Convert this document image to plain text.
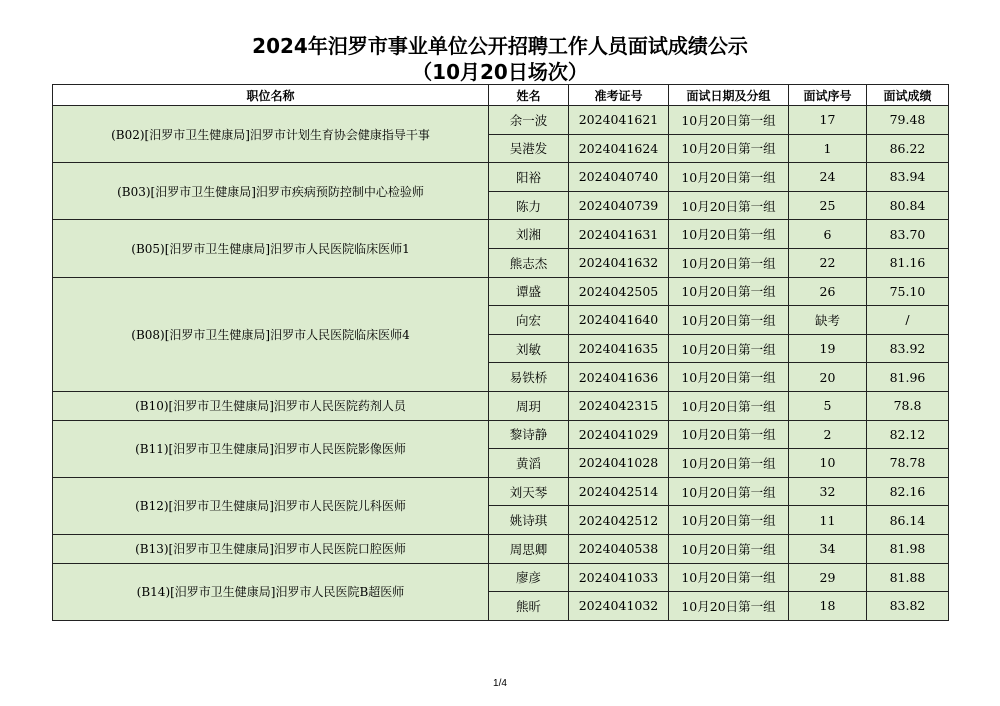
2024年汨罗市事业单位公开招聘工作人员面试成绩公示
（10月20日场次）
职位名称	姓名	准考证号	面试日期及分组	面试序号	面试成绩
(B02)[汨罗市卫生健康局]汨罗市计划生育协会健康指导干事	余一波	2024041621	10月20日第一组	17	79.48
	吴港发	2024041624	10月20日第一组	1	86.22
(B03)[汨罗市卫生健康局]汨罗市疾病预防控制中心检验师	阳裕	2024040740	10月20日第一组	24	83.94
	陈力	2024040739	10月20日第一组	25	80.84
(B05)[汨罗市卫生健康局]汨罗市人民医院临床医师1	刘湘	2024041631	10月20日第一组	6	83.70
	熊志杰	2024041632	10月20日第一组	22	81.16
(B08)[汨罗市卫生健康局]汨罗市人民医院临床医师4	谭盛	2024042505	10月20日第一组	26	75.10
	向宏	2024041640	10月20日第一组	缺考	/
	刘敏	2024041635	10月20日第一组	19	83.92
	易铁桥	2024041636	10月20日第一组	20	81.96
(B10)[汨罗市卫生健康局]汨罗市人民医院药剂人员	周玥	2024042315	10月20日第一组	5	78.8
(B11)[汨罗市卫生健康局]汨罗市人民医院影像医师	黎诗静	2024041029	10月20日第一组	2	82.12
	黄滔	2024041028	10月20日第一组	10	78.78
(B12)[汨罗市卫生健康局]汨罗市人民医院儿科医师	刘天琴	2024042514	10月20日第一组	32	82.16
	姚诗琪	2024042512	10月20日第一组	11	86.14
(B13)[汨罗市卫生健康局]汨罗市人民医院口腔医师	周思卿	2024040538	10月20日第一组	34	81.98
(B14)[汨罗市卫生健康局]汨罗市人民医院B超医师	廖彦	2024041033	10月20日第一组	29	81.88
	熊昕	2024041032	10月20日第一组	18	83.82
1/4
